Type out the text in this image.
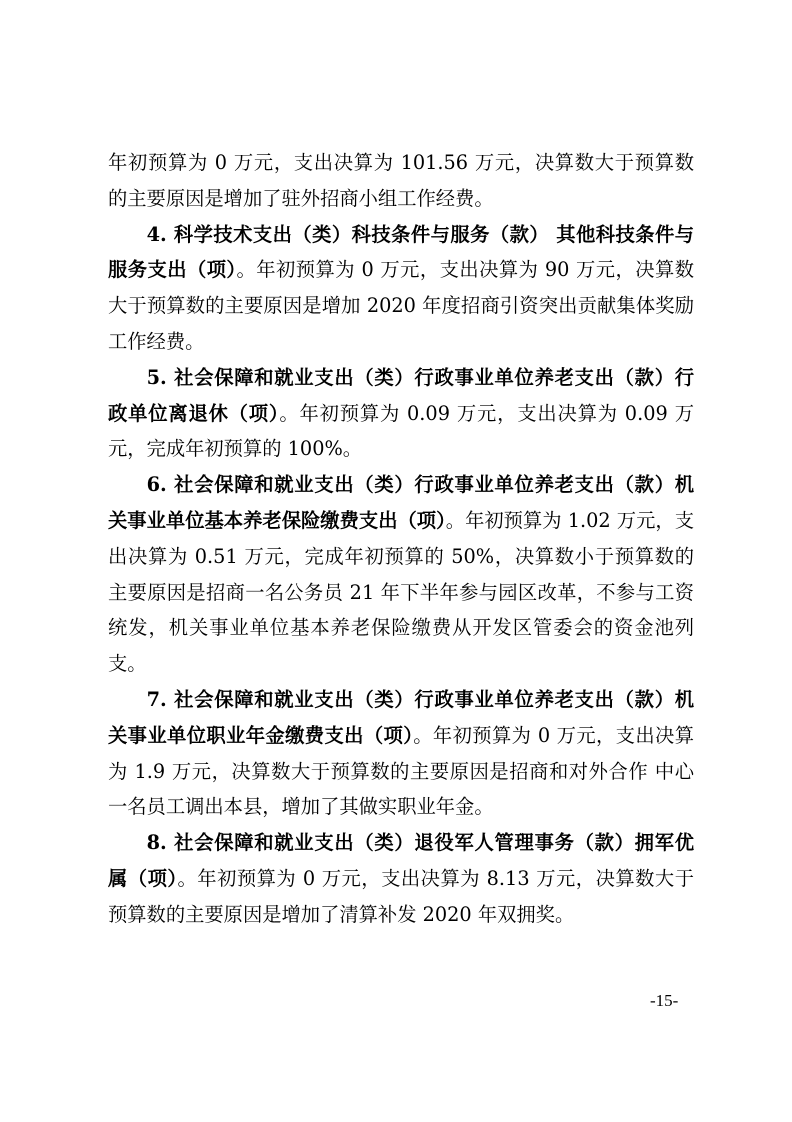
年初预算为 0 万元，支出决算为 101.56 万元，决算数大于预算数的主要原因是增加了驻外招商小组工作经费。

4. 科学技术支出（类）科技条件与服务（款） 其他科技条件与服务支出（项）。年初预算为 0 万元，支出决算为 90 万元，决算数大于预算数的主要原因是增加 2020 年度招商引资突出贡献集体奖励工作经费。

5. 社会保障和就业支出（类）行政事业单位养老支出（款）行政单位离退休（项）。年初预算为 0.09 万元，支出决算为 0.09 万元，完成年初预算的 100%。

6. 社会保障和就业支出（类）行政事业单位养老支出（款）机关事业单位基本养老保险缴费支出（项）。年初预算为 1.02 万元，支出决算为 0.51 万元，完成年初预算的 50%，决算数小于预算数的主要原因是招商一名公务员 21 年下半年参与园区改革，不参与工资统发，机关事业单位基本养老保险缴费从开发区管委会的资金池列支。

7. 社会保障和就业支出（类）行政事业单位养老支出（款）机关事业单位职业年金缴费支出（项）。年初预算为 0 万元，支出决算为 1.9 万元，决算数大于预算数的主要原因是招商和对外合作 中心一名员工调出本县，增加了其做实职业年金。

8. 社会保障和就业支出（类）退役军人管理事务（款）拥军优属（项）。年初预算为 0 万元，支出决算为 8.13 万元，决算数大于预算数的主要原因是增加了清算补发 2020 年双拥奖。

-15-
